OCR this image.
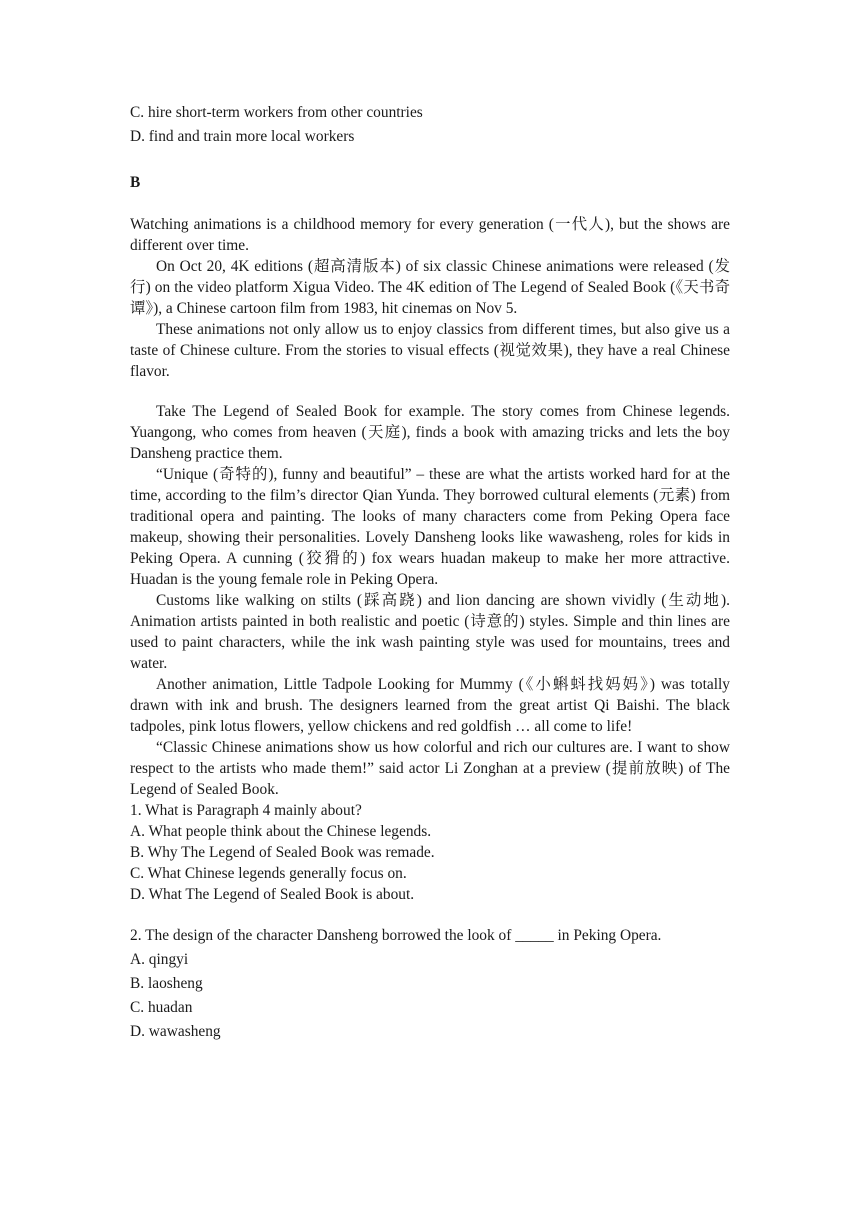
C. hire short-term workers from other countries
D. find and train more local workers
B

Watching animations is a childhood memory for every generation (一代人), but the shows are different over time.

On Oct 20, 4K editions (超高清版本) of six classic Chinese animations were released (发行) on the video platform Xigua Video. The 4K edition of The Legend of Sealed Book (《天书奇谭》), a Chinese cartoon film from 1983, hit cinemas on Nov 5.

These animations not only allow us to enjoy classics from different times, but also give us a taste of Chinese culture. From the stories to visual effects (视觉效果), they have a real Chinese flavor.

Take The Legend of Sealed Book for example. The story comes from Chinese legends. Yuangong, who comes from heaven (天庭), finds a book with amazing tricks and lets the boy Dansheng practice them.

“Unique (奇特的), funny and beautiful” – these are what the artists worked hard for at the time, according to the film’s director Qian Yunda. They borrowed cultural elements (元素) from traditional opera and painting. The looks of many characters come from Peking Opera face makeup, showing their personalities. Lovely Dansheng looks like wawasheng, roles for kids in Peking Opera. A cunning (狡猾的) fox wears huadan makeup to make her more attractive. Huadan is the young female role in Peking Opera.

Customs like walking on stilts (踩高跷) and lion dancing are shown vividly (生动地). Animation artists painted in both realistic and poetic (诗意的) styles. Simple and thin lines are used to paint characters, while the ink wash painting style was used for mountains, trees and water.

Another animation, Little Tadpole Looking for Mummy (《小蝌蚪找妈妈》) was totally drawn with ink and brush. The designers learned from the great artist Qi Baishi. The black tadpoles, pink lotus flowers, yellow chickens and red goldfish … all come to life!

“Classic Chinese animations show us how colorful and rich our cultures are. I want to show respect to the artists who made them!” said actor Li Zonghan at a preview (提前放映) of The Legend of Sealed Book.

1. What is Paragraph 4 mainly about?

A. What people think about the Chinese legends.

B. Why The Legend of Sealed Book was remade.

C. What Chinese legends generally focus on.

D. What The Legend of Sealed Book is about.

2. The design of the character Dansheng borrowed the look of _____ in Peking Opera.

A. qingyi

B. laosheng

C. huadan

D. wawasheng
